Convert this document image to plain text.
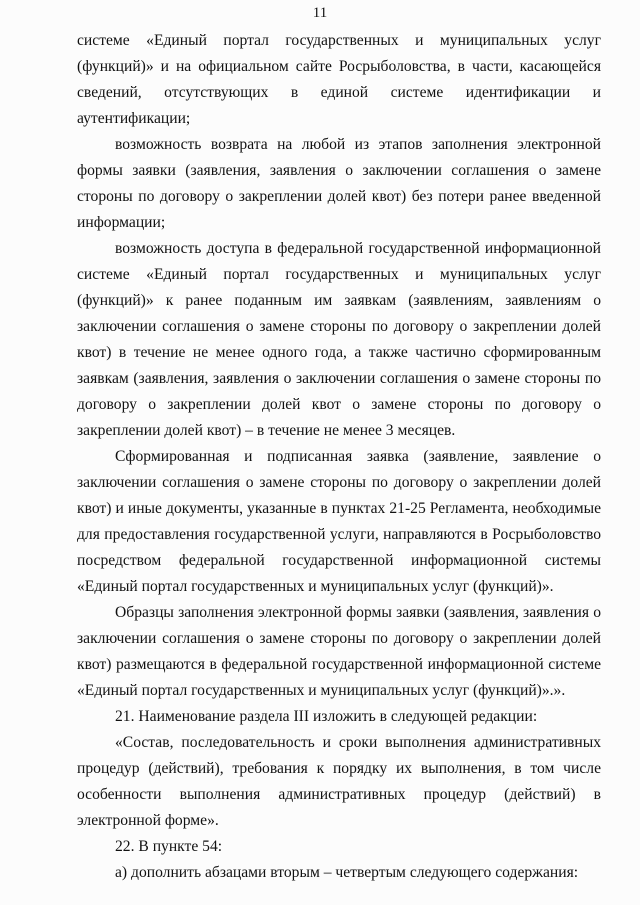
11

системе «Единый портал государственных и муниципальных услуг (функций)» и на официальном сайте Росрыболовства, в части, касающейся сведений, отсутствующих в единой системе идентификации и аутентификации;

возможность возврата на любой из этапов заполнения электронной формы заявки (заявления, заявления о заключении соглашения о замене стороны по договору о закреплении долей квот) без потери ранее введенной информации;

возможность доступа в федеральной государственной информационной системе «Единый портал государственных и муниципальных услуг (функций)» к ранее поданным им заявкам (заявлениям, заявлениям о заключении соглашения о замене стороны по договору о закреплении долей квот) в течение не менее одного года, а также частично сформированным заявкам (заявления, заявления о заключении соглашения о замене стороны по договору о закреплении долей квот о замене стороны по договору о закреплении долей квот) – в течение не менее 3 месяцев.

Сформированная и подписанная заявка (заявление, заявление о заключении соглашения о замене стороны по договору о закреплении долей квот) и иные документы, указанные в пунктах 21-25 Регламента, необходимые для предоставления государственной услуги, направляются в Росрыболовство посредством федеральной государственной информационной системы «Единый портал государственных и муниципальных услуг (функций)».

Образцы заполнения электронной формы заявки (заявления, заявления о заключении соглашения о замене стороны по договору о закреплении долей квот) размещаются в федеральной государственной информационной системе «Единый портал государственных и муниципальных услуг (функций)».».

21. Наименование раздела III изложить в следующей редакции:

«Состав, последовательность и сроки выполнения административных процедур (действий), требования к порядку их выполнения, в том числе особенности выполнения административных процедур (действий) в электронной форме».

22. В пункте 54:

а) дополнить абзацами вторым – четвертым следующего содержания:
